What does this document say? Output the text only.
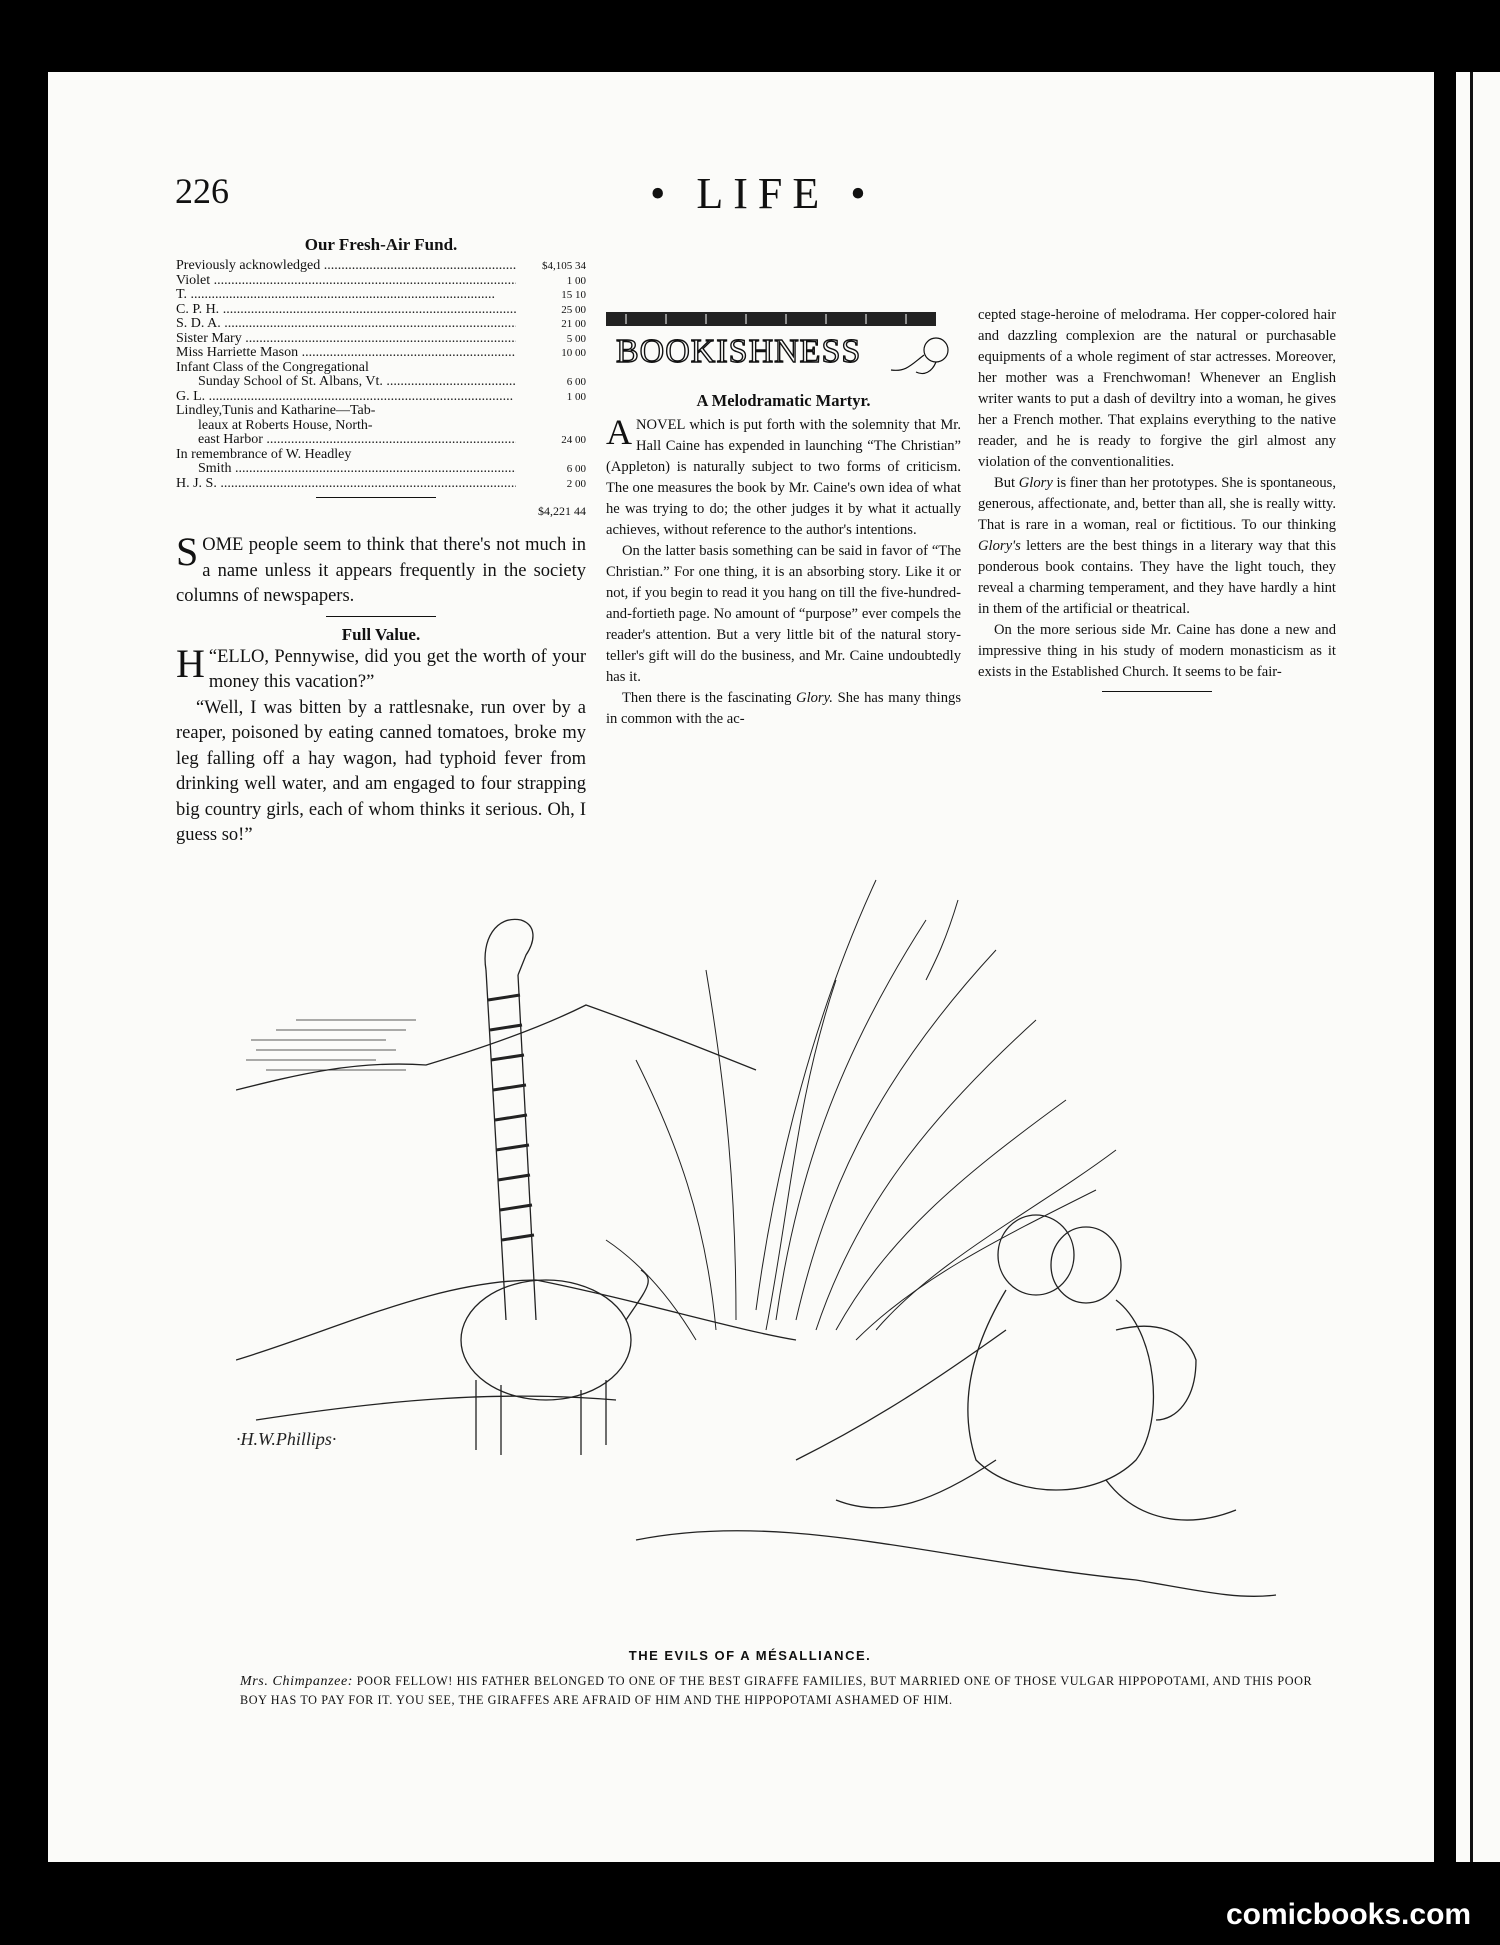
226	• LIFE •
Our Fresh-Air Fund.
Previously acknowledged .....	$4,105 34
Violet .....	1 00
T. .....	15 10
C. P. H. .....	25 00
S. D. A. .....	21 00
Sister Mary .....	5 00
Miss Harriette Mason .....	10 00
Infant Class of the Congregational
Sunday School of St. Albans, Vt. .....	6 00
G. L. .....	1 00
Lindley,Tunis and Katharine—Tab-
leaux at Roberts House, North-
east Harbor .....	24 00
In remembrance of W. Headley
Smith .....	6 00
H. J. S. .....	2 00
$4,221 44
SOME people seem to think that there's not much in a name unless it appears frequently in the society columns of newspapers.
Full Value.

“
H ELLO, Pennywise, did you get the worth of your money this vacation?”

“Well, I was bitten by a rattlesnake, run over by a reaper, poisoned by eating canned tomatoes, broke my leg falling off a hay wagon, had typhoid fever from drinking well water, and am engaged to four strapping big country girls, each of whom thinks it serious. Oh, I guess so!”

BOOKISHNESS
A Melodramatic Martyr.

ANOVEL which is put forth with the solemnity that Mr. Hall Caine has expended in launching “The Christian” (Appleton) is naturally subject to two forms of criticism. The one measures the book by Mr. Caine's own idea of what he was trying to do; the other judges it by what it actually achieves, without reference to the author's intentions.

On the latter basis something can be said in favor of “The Christian.” For one thing, it is an absorbing story. Like it or not, if you begin to read it you hang on till the five-hundred-and-fortieth page. No amount of “purpose” ever compels the reader's attention. But a very little bit of the natural story-teller's gift will do the business, and Mr. Caine undoubtedly has it.

Then there is the fascinating Glory. She has many things in common with the ac-

cepted stage-heroine of melodrama. Her copper-colored hair and dazzling complexion are the natural or purchasable equipments of a whole regiment of star actresses. Moreover, her mother was a Frenchwoman! Whenever an English writer wants to put a dash of deviltry into a woman, he gives her a French mother. That explains everything to the native reader, and he is ready to forgive the girl almost any violation of the conventionalities.

But Glory is finer than her prototypes. She is spontaneous, generous, affectionate, and, better than all, she is really witty. That is rare in a woman, real or fictitious. To our thinking Glory's letters are the best things in a literary way that this ponderous book contains. They have the light touch, they reveal a charming temperament, and they have hardly a hint in them of the artificial or theatrical.

On the more serious side Mr. Caine has done a new and impressive thing in his study of modern monasticism as it exists in the Established Church. It seems to be fair-

·H.W.Phillips·
THE EVILS OF A MÉSALLIANCE.
Mrs. Chimpanzee: POOR FELLOW! HIS FATHER BELONGED TO ONE OF THE BEST GIRAFFE FAMILIES, BUT MARRIED ONE OF THOSE VULGAR HIPPOPOTAMI, AND THIS POOR BOY HAS TO PAY FOR IT. YOU SEE, THE GIRAFFES ARE AFRAID OF HIM AND THE HIPPOPOTAMI ASHAMED OF HIM.
comicbooks.com
